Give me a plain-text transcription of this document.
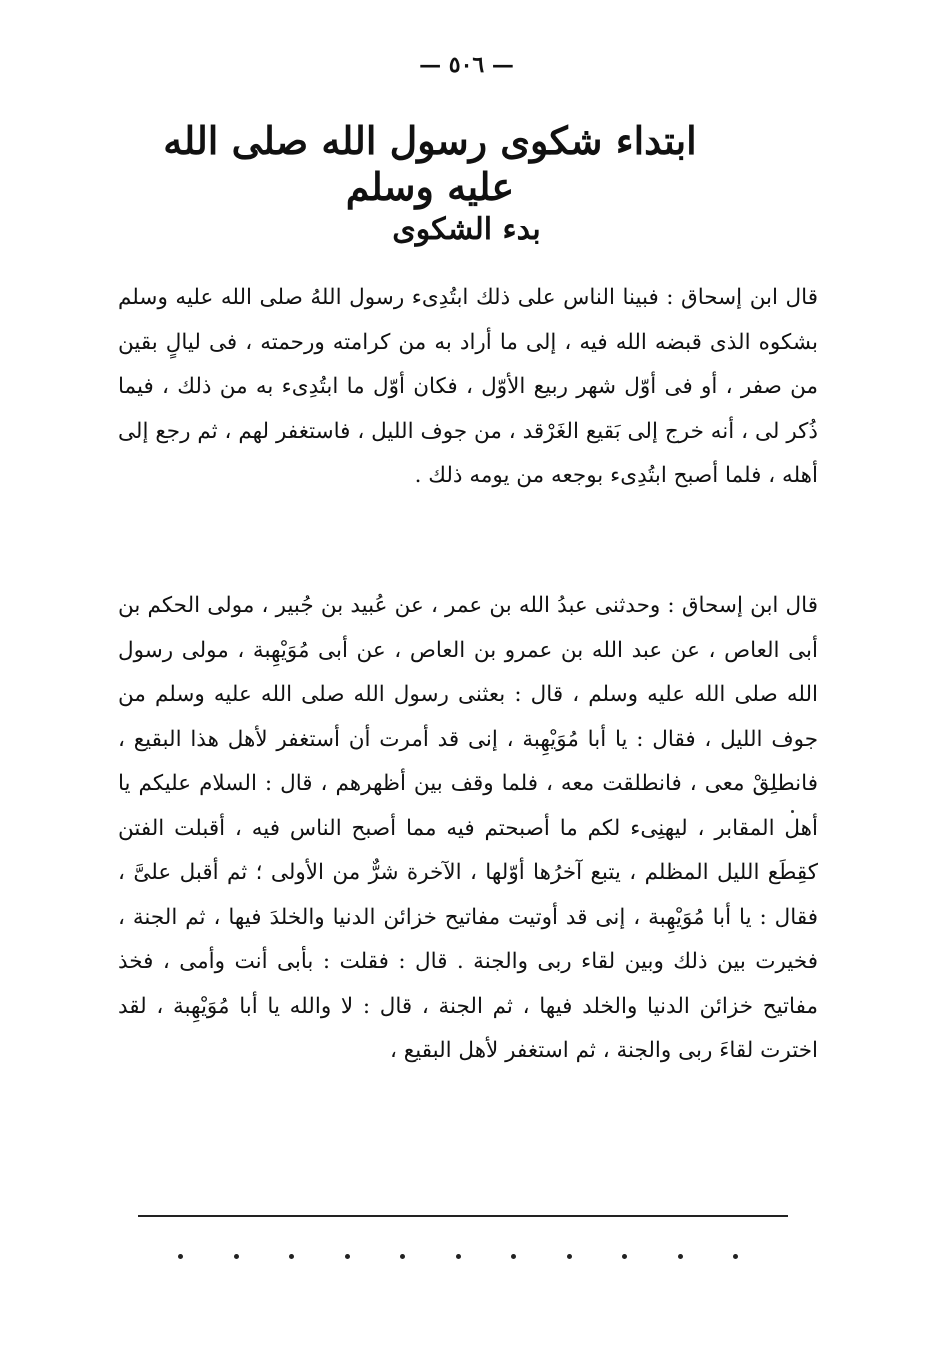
— ٥٠٦ —
ابتداء شكوى رسول الله صلى الله عليه وسلم
بدء الشكوى
قال ابن إسحاق : فبينا الناس على ذلك ابتُدِىء رسول اللهُ صلى الله عليه وسلم بشكوه الذى قبضه الله فيه ، إلى ما أراد به من كرامته ورحمته ، فى ليالٍ بقين من صفر ، أو فى أوّل شهر ربيع الأوّل ، فكان أوّل ما ابتُدِىء به من ذلك ، فيما ذُكر لى ، أنه خرج إلى بَقيع الغَرْقد ، من جوف الليل ، فاستغفر لهم ، ثم رجع إلى أهله ، فلما أصبح ابتُدِىء بوجعه من يومه ذلك .
قال ابن إسحاق : وحدثنى عبدُ الله بن عمر ، عن عُبيد بن جُبير ، مولى الحكم بن أبى العاص ، عن عبد الله بن عمرو بن العاص ، عن أبى مُوَيْهِبة ، مولى رسول الله صلى الله عليه وسلم ، قال : بعثنى رسول الله صلى الله عليه وسلم من جوف الليل ، فقال : يا أبا مُوَيْهِبة ، إنى قد أمرت أن أستغفر لأهل هذا البقيع ، فانطلِقْ معى ، فانطلقت معه ، فلما وقف بين أظهرهم ، قال : السلام عليكم يا أهل المقابر ، ليهنِىء لكم ما أصبحتم فيه مما أصبح الناس فيه ، أقبلت الفتن كقِطَع الليل المظلم ، يتبع آخرُها أوّلها ، الآخرة شرٌّ من الأولى ؛ ثم أقبل علىَّ ، فقال : يا أبا مُوَيْهِبة ، إنى قد أوتيت مفاتيح خزائن الدنيا والخلدَ فيها ، ثم الجنة ، فخيرت بين ذلك وبين لقاء ربى والجنة . قال : فقلت : بأبى أنت وأمى ، فخذ مفاتيح خزائن الدنيا والخلد فيها ، ثم الجنة ، قال : لا والله يا أبا مُوَيْهِبة ، لقد اخترت لقاءَ ربى والجنة ، ثم استغفر لأهل البقيع ،
